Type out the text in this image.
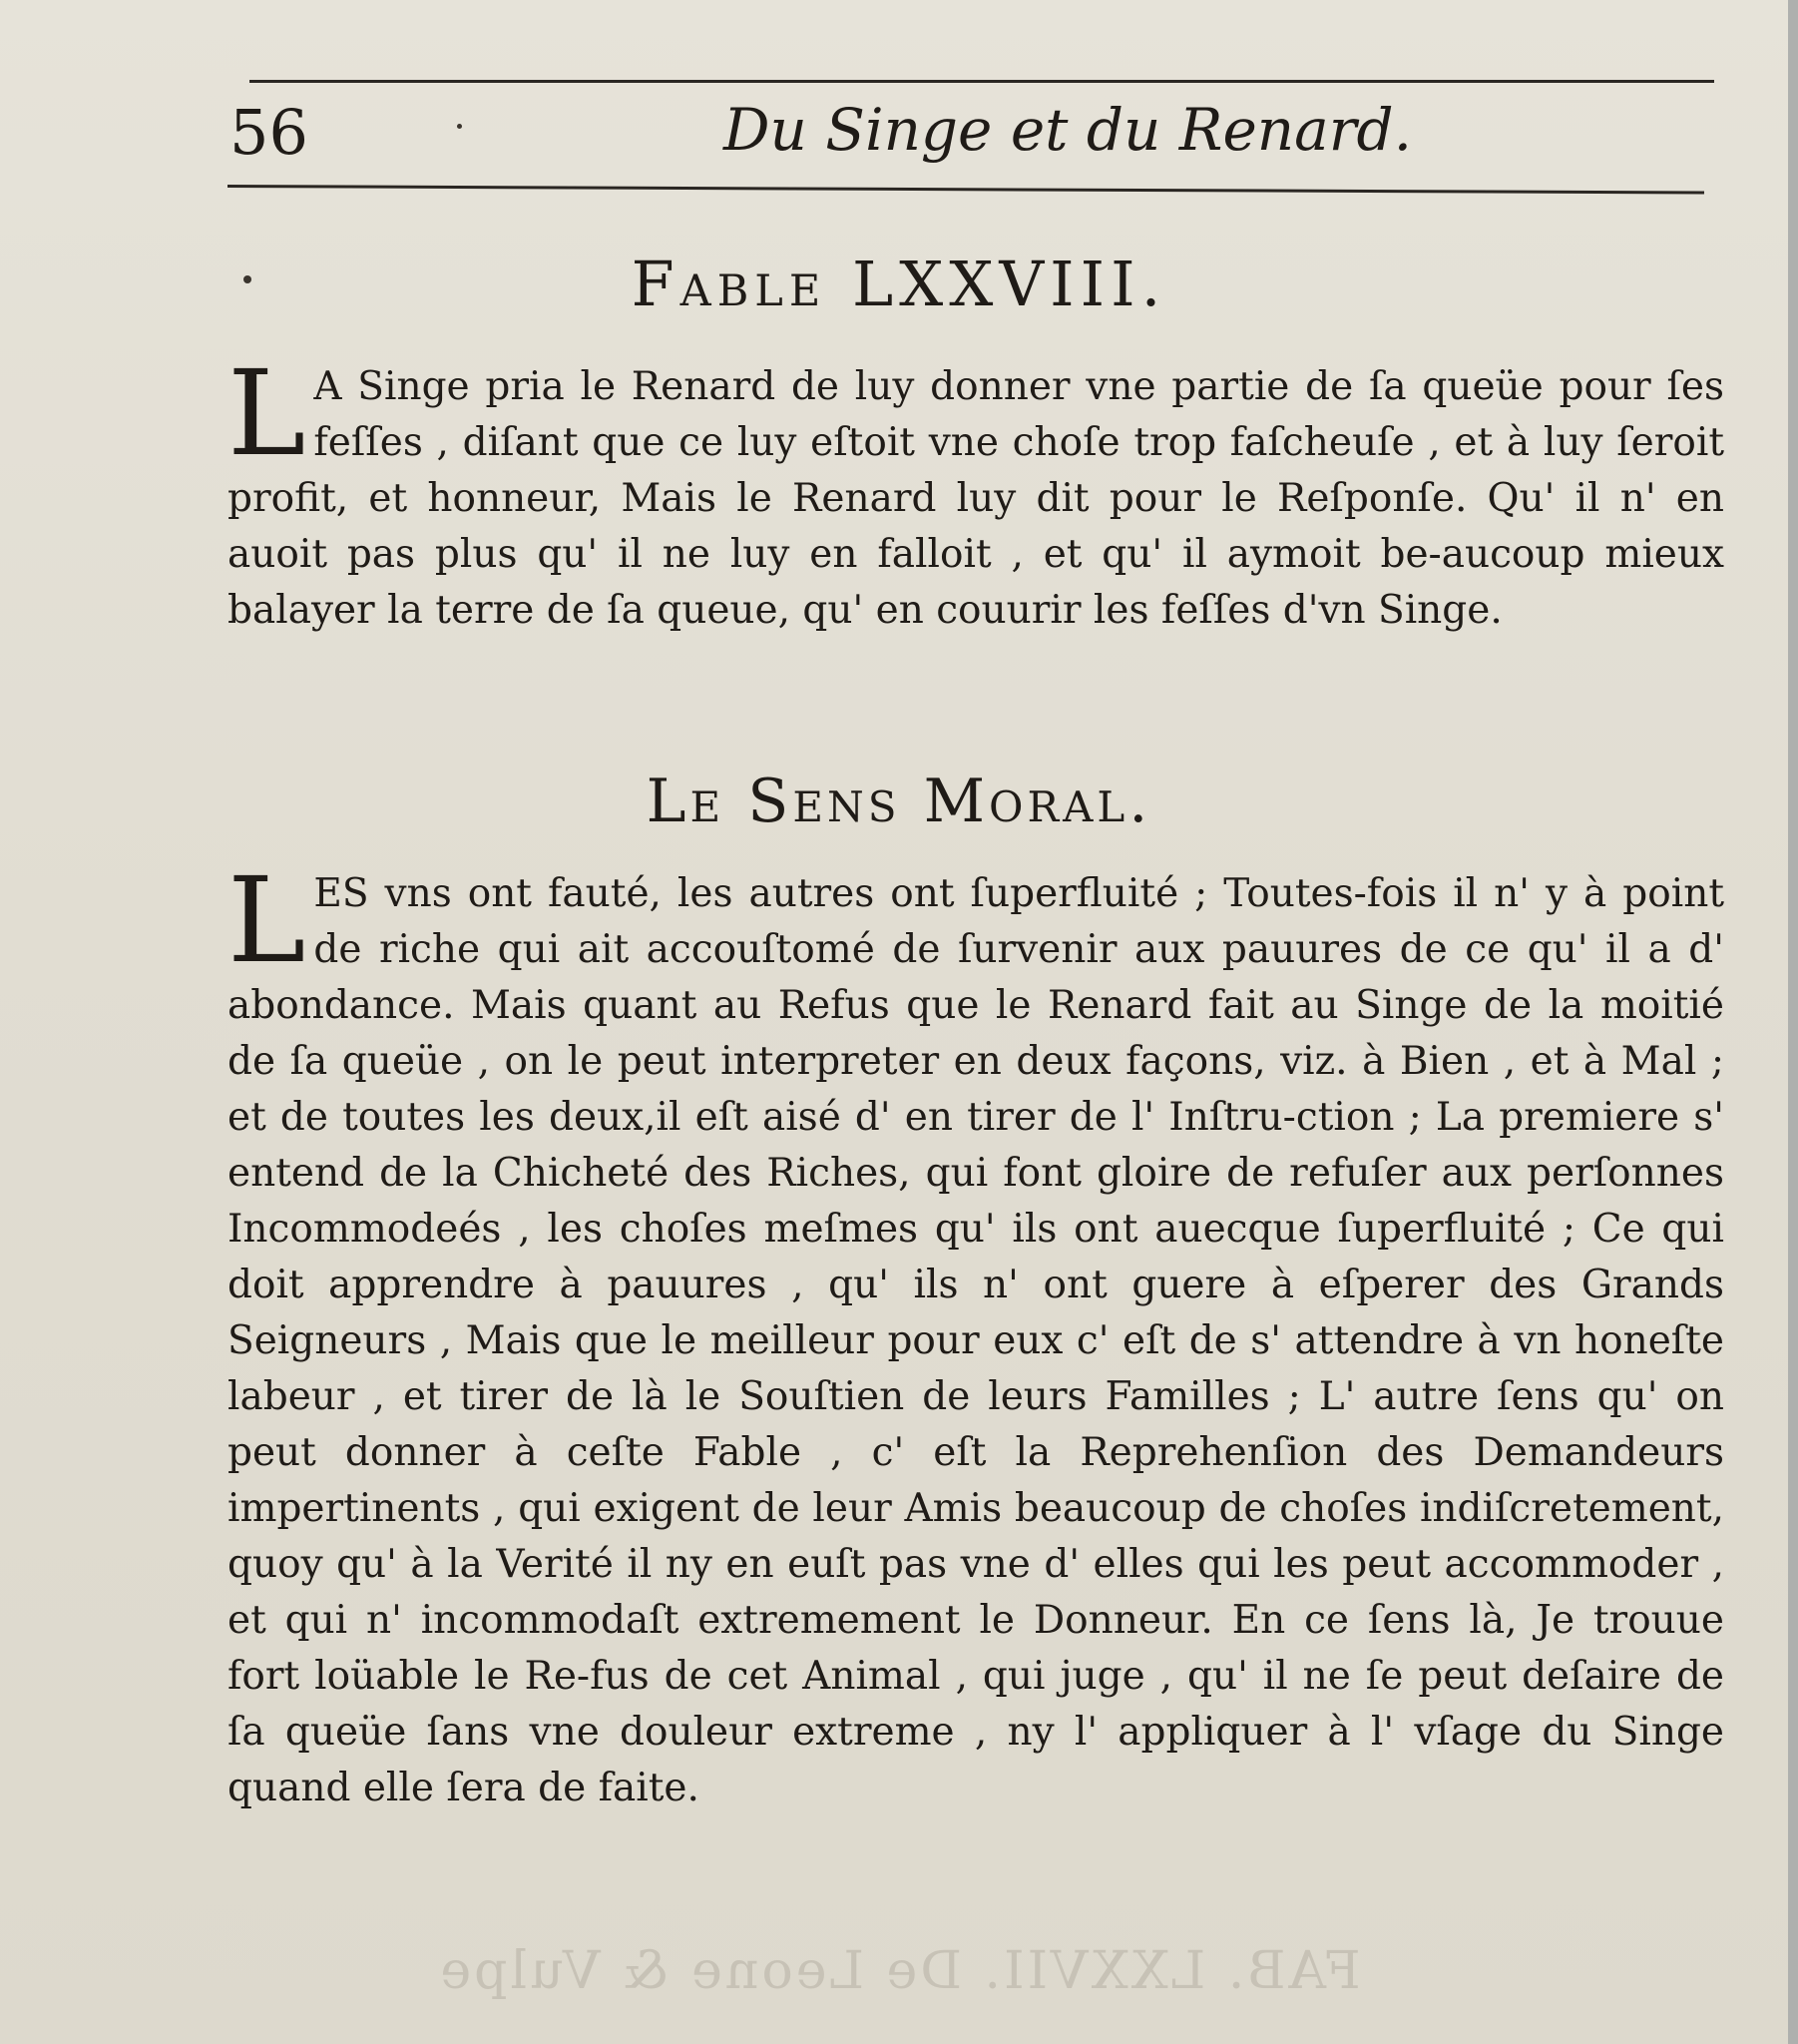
56	Du Singe et du Renard.
Fable LXXVIII.
L A Singe pria le Renard de luy donner vne partie de ſa queüe pour ſes feſſes , diſant que ce luy eſtoit vne choſe trop faſcheuſe , et à luy ſeroit profit, et honneur, Mais le Renard luy dit pour le Reſponſe. Qu' il n' en auoit pas plus qu' il ne luy en falloit , et qu' il aymoit be-aucoup mieux balayer la terre de ſa queue, qu' en couurir les feſſes d'vn Singe.
Le Sens Moral.
L ES vns ont fauté, les autres ont ſuperfluité ; Toutes-fois il n' y à point de riche qui ait accouſtomé de ſurvenir aux pauures de ce qu' il a d' abondance. Mais quant au Refus que le Renard fait au Singe de la moitié de ſa queüe , on le peut interpreter en deux façons, viz. à Bien , et à Mal ; et de toutes les deux,il eſt aisé d' en tirer de l' Inſtru-ction ; La premiere s' entend de la Chicheté des Riches, qui font gloire de refuſer aux perſonnes Incommodeés , les choſes meſmes qu' ils ont auecque ſuperfluité ; Ce qui doit apprendre à pauures , qu' ils n' ont guere à eſperer des Grands Seigneurs , Mais que le meilleur pour eux c' eſt de s' attendre à vn honeſte labeur , et tirer de là le Souſtien de leurs Familles ; L' autre ſens qu' on peut donner à ceſte Fable , c' eſt la Reprehenſion des Demandeurs impertinents , qui exigent de leur Amis beaucoup de choſes indiſcretement, quoy qu' à la Verité il ny en euſt pas vne d' elles qui les peut accommoder , et qui n' incommodaſt extremement le Donneur. En ce ſens là, Je trouue fort loüable le Re-fus de cet Animal , qui juge , qu' il ne ſe peut deſaire de ſa queüe ſans vne douleur extreme , ny l' appliquer à l' vſage du Singe quand elle ſera de faite.
FAB. LXXVII. De Leone & Vulpe
